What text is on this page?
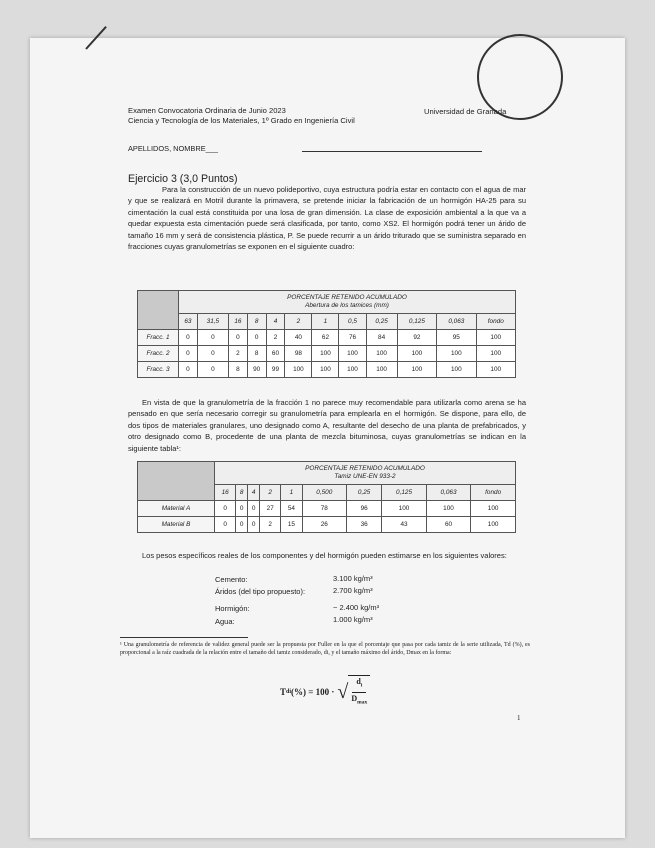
Examen Convocatoria Ordinaria de Junio 2023
Ciencia y Tecnología de los Materiales, 1º Grado en Ingeniería Civil
Universidad de Granada
APELLIDOS, NOMBRE___
Ejercicio 3 (3,0 Puntos)
Para la construcción de un nuevo polideportivo, cuya estructura podría estar en contacto con el agua de mar y que se realizará en Motril durante la primavera, se pretende iniciar la fabricación de un hormigón HA-25 para su cimentación la cual está constituida por una losa de gran dimensión. La clase de exposición ambiental a la que va a quedar expuesta esta cimentación puede será clasificada, por tanto, como XS2. El hormigón podrá tener un árido de tamaño 16 mm y será de consistencia plástica, P. Se puede recurrir a un árido triturado que se suministra separado en fracciones cuyas granulometrías se exponen en el siguiente cuadro:

	PORCENTAJE RETENIDO ACUMULADO
Abertura de los tamices (mm)											

	63	31,5	16	8	4	2	1	0,5	0,25	0,125	0,063	fondo
Fracc. 1	0	0	0	0	2	40	62	76	84	92	95	100
Fracc. 2	0	0	2	8	60	98	100	100	100	100	100	100
Fracc. 3	0	0	8	90	99	100	100	100	100	100	100	100
En vista de que la granulometría de la fracción 1 no parece muy recomendable para utilizarla como arena se ha pensado en que sería necesario corregir su granulometría para emplearla en el hormigón. Se dispone, para ello, de dos tipos de materiales granulares, uno designado como A, resultante del desecho de una planta de prefabricados, y otro designado como B, procedente de una planta de mezcla bituminosa, cuyas granulometrías se indican en la siguiente tabla¹:

	PORCENTAJE RETENIDO ACUMULADO
Tamiz UNE-EN 933-2									

	16	8	4	2	1	0,500	0,25	0,125	0,063	fondo
Material A	0	0	0	27	54	78	96	100	100	100
Material B	0	0	0	2	15	26	36	43	60	100
Los pesos específicos reales de los componentes y del hormigón pueden estimarse en los siguientes valores:
Cemento:	3.100 kg/m³
Áridos (del tipo propuesto):	2.700 kg/m³
Hormigón:	~ 2.400 kg/m³
Agua:	1.000 kg/m³
¹ Una granulometría de referencia de validez general puede ser la propuesta por Fuller en la que el porcentaje que pasa por cada tamiz de la serie utilizada, Td (%), es proporcional a la raíz cuadrada de la relación entre el tamaño del tamiz considerado, di, y el tamaño máximo del árido, Dmax en la forma:
T di (%) = 100 · √ $\frac{d_i}{D_{max}}$
1
